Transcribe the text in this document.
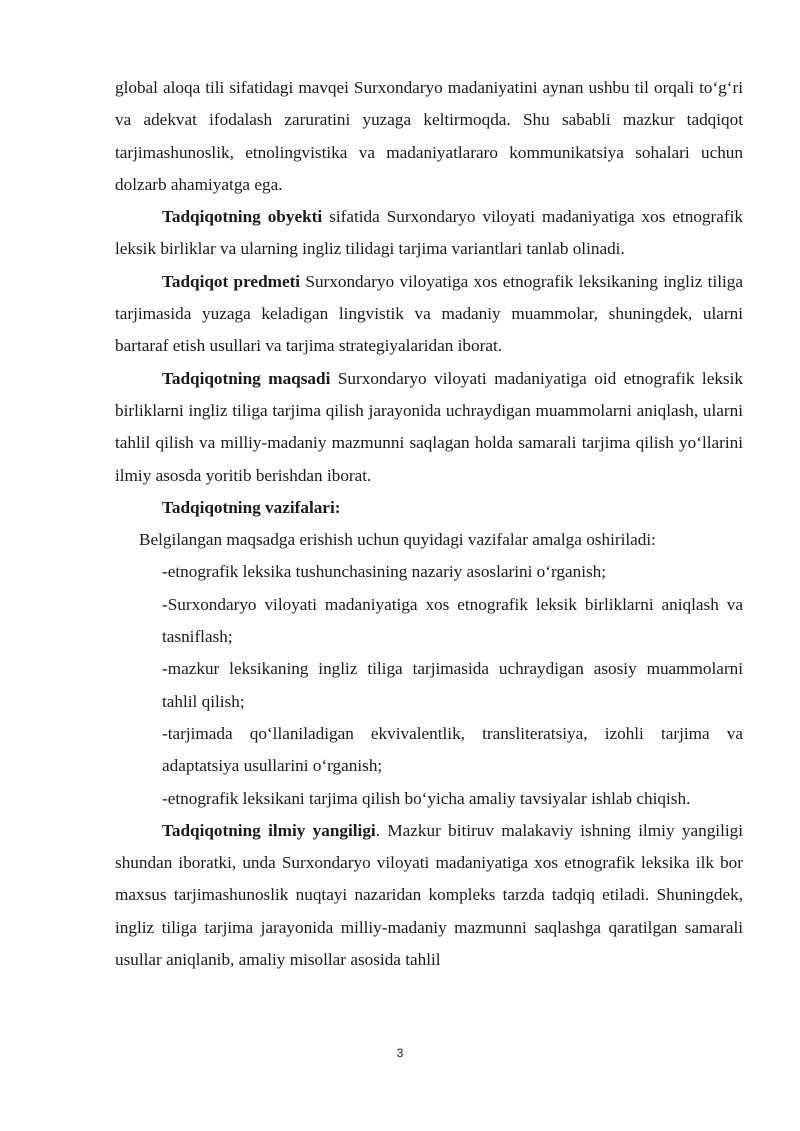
global aloqa tili sifatidagi mavqei Surxondaryo madaniyatini aynan ushbu til orqali to‘g‘ri va adekvat ifodalash zaruratini yuzaga keltirmoqda. Shu sababli mazkur tadqiqot tarjimashunoslik, etnolingvistika va madaniyatlararo kommunikatsiya sohalari uchun dolzarb ahamiyatga ega.

Tadqiqotning obyekti sifatida Surxondaryo viloyati madaniyatiga xos etnografik leksik birliklar va ularning ingliz tilidagi tarjima variantlari tanlab olinadi.

Tadqiqot predmeti Surxondaryo viloyatiga xos etnografik leksikaning ingliz tiliga tarjimasida yuzaga keladigan lingvistik va madaniy muammolar, shuningdek, ularni bartaraf etish usullari va tarjima strategiyalaridan iborat.

Tadqiqotning maqsadi Surxondaryo viloyati madaniyatiga oid etnografik leksik birliklarni ingliz tiliga tarjima qilish jarayonida uchraydigan muammolarni aniqlash, ularni tahlil qilish va milliy-madaniy mazmunni saqlagan holda samarali tarjima qilish yo‘llarini ilmiy asosda yoritib berishdan iborat.

Tadqiqotning vazifalari:

Belgilangan maqsadga erishish uchun quyidagi vazifalar amalga oshiriladi:

-etnografik leksika tushunchasining nazariy asoslarini o‘rganish;

-Surxondaryo viloyati madaniyatiga xos etnografik leksik birliklarni aniqlash va tasniflash;

-mazkur leksikaning ingliz tiliga tarjimasida uchraydigan asosiy muammolarni tahlil qilish;

-tarjimada qo‘llaniladigan ekvivalentlik, transliteratsiya, izohli tarjima va adaptatsiya usullarini o‘rganish;

-etnografik leksikani tarjima qilish bo‘yicha amaliy tavsiyalar ishlab chiqish.

Tadqiqotning ilmiy yangiligi. Mazkur bitiruv malakaviy ishning ilmiy yangiligi shundan iboratki, unda Surxondaryo viloyati madaniyatiga xos etnografik leksika ilk bor maxsus tarjimashunoslik nuqtayi nazaridan kompleks tarzda tadqiq etiladi. Shuningdek, ingliz tiliga tarjima jarayonida milliy-madaniy mazmunni saqlashga qaratilgan samarali usullar aniqlanib, amaliy misollar asosida tahlil

3
